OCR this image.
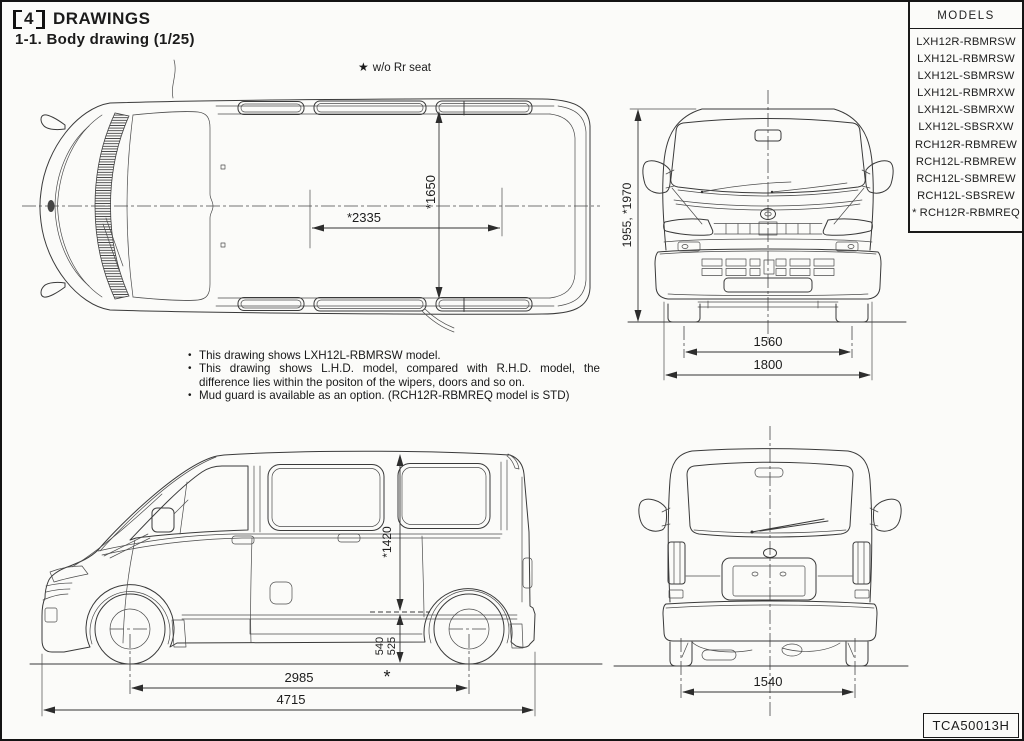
4 DRAWINGS
1-1. Body drawing (1/25)
★ w/o Rr seat
MODELS
LXH12R-RBMRSW
LXH12L-RBMRSW
LXH12L-SBMRSW
LXH12L-RBMRXW
LXH12L-SBMRXW
LXH12L-SBSRXW
RCH12R-RBMREW
RCH12L-RBMREW
RCH12L-SBMREW
RCH12L-SBSREW
* RCH12R-RBMREQ
• This drawing shows LXH12L-RBMRSW model.
• This drawing shows L.H.D. model, compared with R.H.D. model, the difference lies within the positon of the wipers, doors and so on.
• Mud guard is available as an option. (RCH12R-RBMREQ model is STD)
*1650
*2335	1955, *1970
1560
1800
*1420
540 525
*
2985
4715
1540
TCA50013H
